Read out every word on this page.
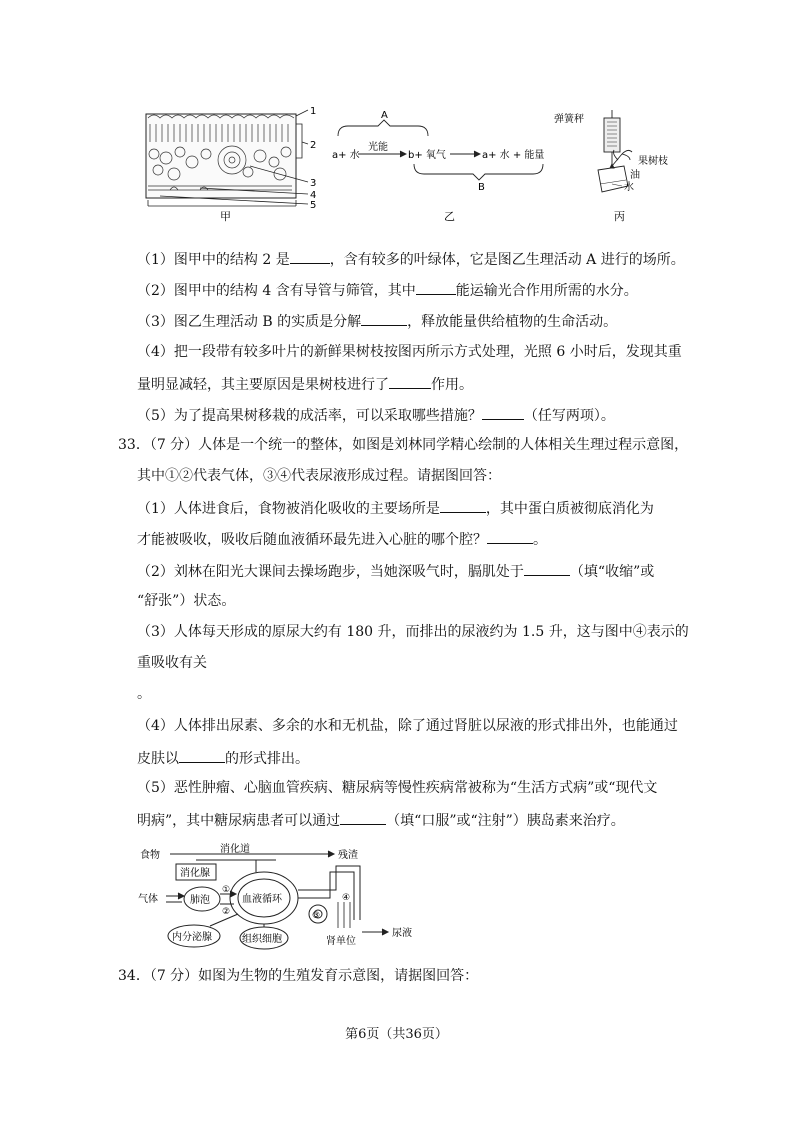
1
2
3
4
5
甲
A
a+ 水
光能
b+ 氧气	a+ 水 + 能量
B
乙
弹簧秤
果树枝
油
水
丙
（1）图甲中的结构 2 是	，含有较多的叶绿体，它是图乙生理活动 A 进行的场所。
（2）图甲中的结构 4 含有导管与筛管，其中	能运输光合作用所需的水分。
（3）图乙生理活动 B 的实质是分解	，释放能量供给植物的生命活动。
（4）把一段带有较多叶片的新鲜果树枝按图丙所示方式处理，光照 6 小时后，发现其重
量明显减轻，其主要原因是果树枝进行了	作用。
（5）为了提高果树移栽的成活率，可以采取哪些措施？	（任写两项）。
33．（7 分）人体是一个统一的整体，如图是刘林同学精心绘制的人体相关生理过程示意图，
其中①②代表气体，③④代表尿液形成过程。请据图回答：
（1）人体进食后，食物被消化吸收的主要场所是	，其中蛋白质被彻底消化为
才能被吸收，吸收后随血液循环最先进入心脏的哪个腔？	。
（2）刘林在阳光大课间去操场跑步，当她深吸气时，膈肌处于	（填“收缩”或
“舒张”）状态。
（3）人体每天形成的原尿大约有 180 升，而排出的尿液约为 1.5 升，这与图中④表示的
重吸收有关
。
（4）人体排出尿素、多余的水和无机盐，除了通过肾脏以尿液的形式排出外，也能通过
皮肤以	的形式排出。
（5）恶性肿瘤、心脑血管疾病、糖尿病等慢性疾病常被称为“生活方式病”或“现代文
明病”，其中糖尿病患者可以通过	（填“口服”或“注射”）胰岛素来治疗。
食物
消化道
残渣
消化腺
气体	肺泡
①
②
血液循环
内分泌腺	组织细胞
③
④
肾单位
尿液
34．（7 分）如图为生物的生殖发育示意图，请据图回答：
第6页（共36页）
